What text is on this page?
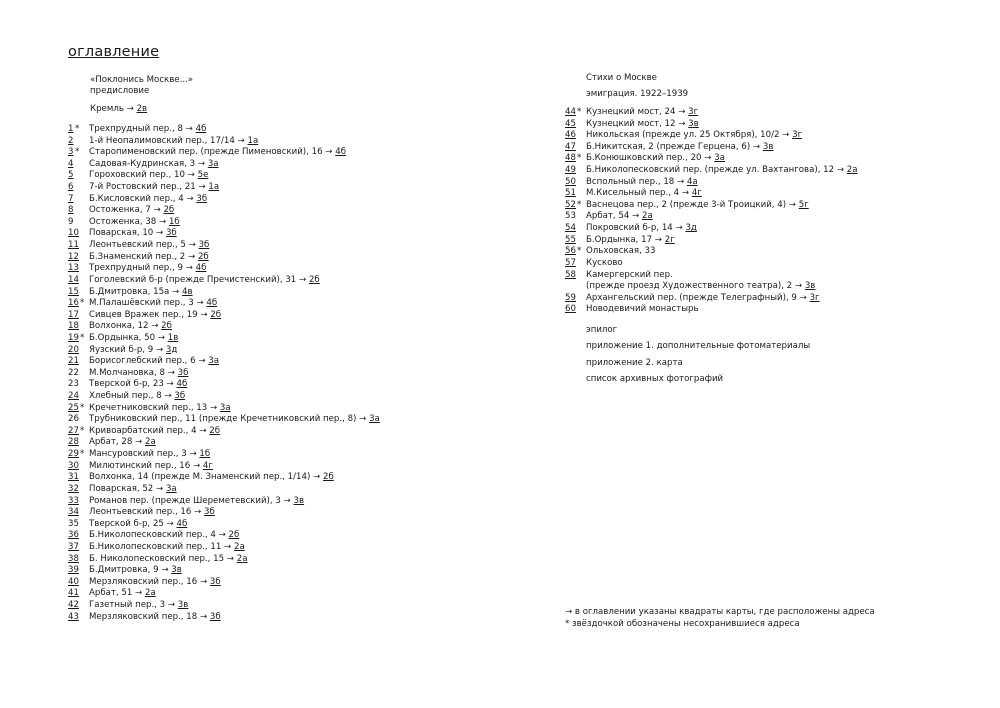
оглавление
«Поклонись Москве...»
предисловие
Кремль → 2в
1 * Трехпрудный пер., 8 → 4б
2 1-й Неопалимовский пер., 17/14 → 1а
3 * Старопименовский пер. (прежде Пименовский), 16 → 4б
4 Садовая-Кудринская, 3 → 3а
5 Гороховский пер., 10 → 5е
6 7-й Ростовский пер., 21 → 1а
7 Б.Кисловский пер., 4 → 3б
8 Остоженка, 7 → 2б
9 Остоженка, 38 → 1б
10 Поварская, 10 → 3б
11 Леонтьевский пер., 5 → 3б
12 Б.Знаменский пер., 2 → 2б
13 Трехпрудный пер., 9 → 4б
14 Гоголевский б-р (прежде Пречистенский), 31 → 2б
15 Б.Дмитровка, 15а → 4в
16 * М.Палашёвский пер., 3 → 4б
17 Сивцев Вражек пер., 19 → 2б
18 Волхонка, 12 → 2б
19 * Б.Ордынка, 50 → 1в
20 Яузский б-р, 9 → 3д
21 Борисоглебский пер., 6 → 3а
22 М.Молчановка, 8 → 3б
23 Тверской б-р, 23 → 4б
24 Хлебный пер., 8 → 3б
25 * Кречетниковский пер., 13 → 3а
26 Трубниковский пер., 11 (прежде Кречетниковский пер., 8) → 3а
27 * Кривоарбатский пер., 4 → 2б
28 Арбат, 28 → 2а
29 * Мансуровский пер., 3 → 1б
30 Милютинский пер., 16 → 4г
31 Волхонка, 14 (прежде М. Знаменский пер., 1/14) → 2б
32 Поварская, 52 → 3а
33 Романов пер. (прежде Шереметевский), 3 → 3в
34 Леонтьевский пер., 16 → 3б
35 Тверской б-р, 25 → 4б
36 Б.Николопесковский пер., 4 → 2б
37 Б.Николопесковский пер., 11 → 2а
38 Б. Николопесковский пер., 15 → 2а
39 Б.Дмитровка, 9 → 3в
40 Мерзляковский пер., 16 → 3б
41 Арбат, 51 → 2а
42 Газетный пер., 3 → 3в
43 Мерзляковский пер., 18 → 3б
Стихи о Москве
эмиграция. 1922–1939
44 * Кузнецкий мост, 24 → 3г
45 Кузнецкий мост, 12 → 3в
46 Никольская (прежде ул. 25 Октября), 10/2 → 3г
47 Б.Никитская, 2 (прежде Герцена, 6) → 3в
48 * Б.Конюшковский пер., 20 → 3а
49 Б.Николопесковский пер. (прежде ул. Вахтангова), 12 → 2а
50 Вспольный пер., 18 → 4а
51 М.Кисельный пер., 4 → 4г
52 * Васнецова пер., 2 (прежде 3-й Троицкий, 4) → 5г
53 Арбат, 54 → 2а
54 Покровский б-р, 14 → 3д
55 Б.Ордынка, 17 → 2г
56 * Ольховская, 33
57 Кусково
58 Камергерский пер.
(прежде проезд Художественного театра), 2 → 3в
59 Архангельский пер. (прежде Телеграфный), 9 → 3г
60 Новодевичий монастырь
эпилог
приложение 1. дополнительные фотоматериалы
приложение 2. карта
список архивных фотографий
→ в оглавлении указаны квадраты карты, где расположены адреса
* звёздочкой обозначены несохранившиеся адреса
